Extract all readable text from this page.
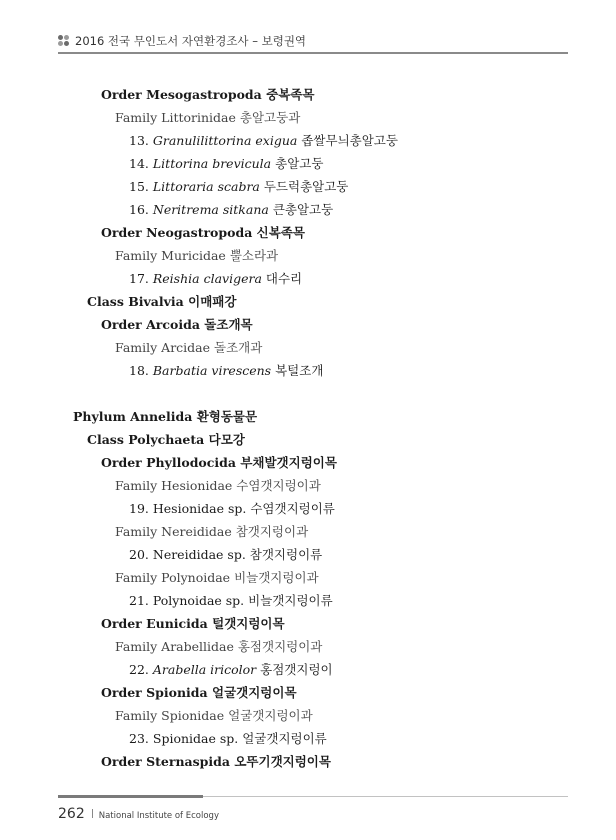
2016 전국 무인도서 자연환경조사 – 보령권역
Order Mesogastropoda 중복족목
Family Littorinidae 총알고둥과
13. Granulilittorina exigua 좁쌀무늬총알고둥
14. Littorina brevicula 총알고둥
15. Littoraria scabra 두드럭총알고둥
16. Neritrema sitkana 큰총알고둥
Order Neogastropoda 신복족목
Family Muricidae 뿔소라과
17. Reishia clavigera 대수리
Class Bivalvia 이매패강
Order Arcoida 돌조개목
Family Arcidae 돌조개과
18. Barbatia virescens 복털조개
Phylum Annelida 환형동물문
Class Polychaeta 다모강
Order Phyllodocida 부채발갯지렁이목
Family Hesionidae 수염갯지렁이과
19. Hesionidae sp. 수염갯지렁이류
Family Nereididae 참갯지렁이과
20. Nereididae sp. 참갯지렁이류
Family Polynoidae 비늘갯지렁이과
21. Polynoidae sp. 비늘갯지렁이류
Order Eunicida 털갯지렁이목
Family Arabellidae 홍점갯지렁이과
22. Arabella iricolor 홍점갯지렁이
Order Spionida 얼굴갯지렁이목
Family Spionidae 얼굴갯지렁이과
23. Spionidae sp. 얼굴갯지렁이류
Order Sternaspida 오뚜기갯지렁이목
262 National Institute of Ecology
